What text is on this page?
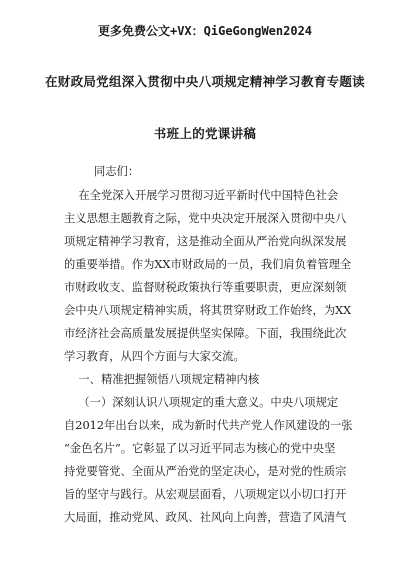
更多免费公文+VX：QiGeGongWen2024
在财政局党组深入贯彻中央八项规定精神学习教育专题读
书班上的党课讲稿
同志们：
在全党深入开展学习贯彻习近平新时代中国特色社会
主义思想主题教育之际，党中央决定开展深入贯彻中央八
项规定精神学习教育，这是推动全面从严治党向纵深发展
的重要举措。作为XX市财政局的一员，我们肩负着管理全
市财政收支、监督财税政策执行等重要职责，更应深刻领
会中央八项规定精神实质，将其贯穿财政工作始终，为XX
市经济社会高质量发展提供坚实保障。下面，我围绕此次
学习教育，从四个方面与大家交流。
一、精准把握领悟八项规定精神内核
（一）深刻认识八项规定的重大意义。中央八项规定
自2012年出台以来，成为新时代共产党人作风建设的一张
“金色名片”。它彰显了以习近平同志为核心的党中央坚
持党要管党、全面从严治党的坚定决心，是对党的性质宗
旨的坚守与践行。从宏观层面看，八项规定以小切口打开
大局面，推动党风、政风、社风向上向善，营造了风清气
